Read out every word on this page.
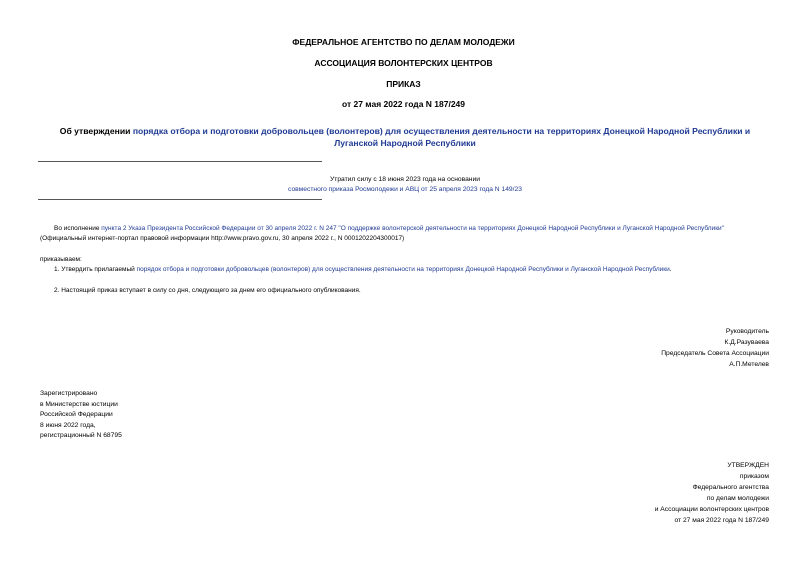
ФЕДЕРАЛЬНОЕ АГЕНТСТВО ПО ДЕЛАМ МОЛОДЕЖИ
АССОЦИАЦИЯ ВОЛОНТЕРСКИХ ЦЕНТРОВ
ПРИКАЗ
от 27 мая 2022 года N 187/249
Об утверждении порядка отбора и подготовки добровольцев (волонтеров) для осуществления деятельности на территориях Донецкой Народной Республики и Луганской Народной Республики
Утратил силу с 18 июня 2023 года на основании
совместного приказа Росмолодежи и АВЦ от 25 апреля 2023 года N 149/23
Во исполнение пункта 2 Указа Президента Российской Федерации от 30 апреля 2022 г. N 247 "О поддержке волонтерской деятельности на территориях Донецкой Народной Республики и Луганской Народной Республики" (Официальный интернет-портал правовой информации http://www.pravo.gov.ru, 30 апреля 2022 г., N 0001202204300017)
приказываем:
1. Утвердить прилагаемый порядок отбора и подготовки добровольцев (волонтеров) для осуществления деятельности на территориях Донецкой Народной Республики и Луганской Народной Республики.
2. Настоящий приказ вступает в силу со дня, следующего за днем его официального опубликования.
Руководитель
К.Д.Разуваева
Председатель Совета Ассоциации
А.П.Метелев
Зарегистрировано
в Министерстве юстиции
Российской Федерации
8 июня 2022 года,
регистрационный N 68795
УТВЕРЖДЕН
приказом
Федерального агентства
по делам молодежи
и Ассоциации волонтерских центров
от 27 мая 2022 года N 187/249
